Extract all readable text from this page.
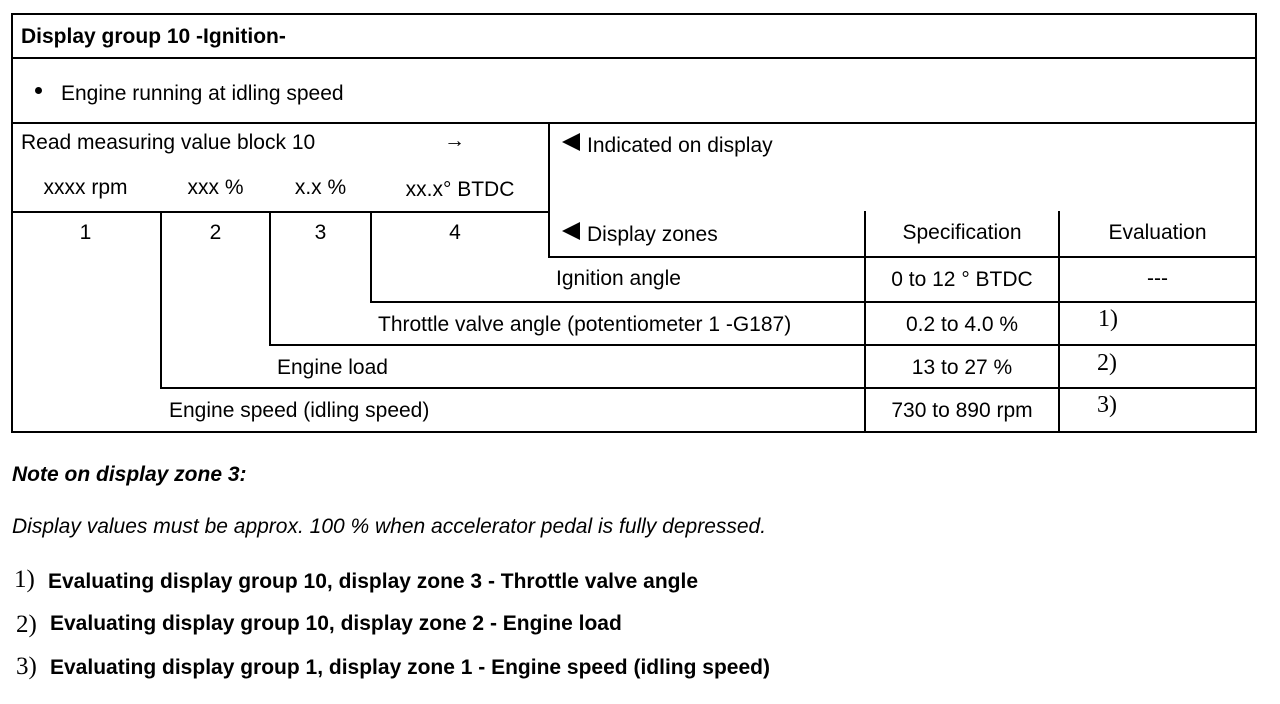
Display group 10 -Ignition-
Engine running at idling speed
Read measuring value block 10	→	Indicated on display
xxxx rpm	xxx %	x.x %	xx.x° BTDC
1	2	3	4	Display zones	Specification	Evaluation
Ignition angle	0 to 12 ° BTDC	---
Throttle valve angle (potentiometer 1 -G187)	0.2 to 4.0 %	1)
Engine load	13 to 27 %	2)
Engine speed (idling speed)	730 to 890 rpm	3)
Note on display zone 3:
Display values must be approx. 100 % when accelerator pedal is fully depressed.
1) Evaluating display group 10, display zone 3 - Throttle valve angle
2) Evaluating display group 10, display zone 2 - Engine load
3) Evaluating display group 1, display zone 1 - Engine speed (idling speed)
